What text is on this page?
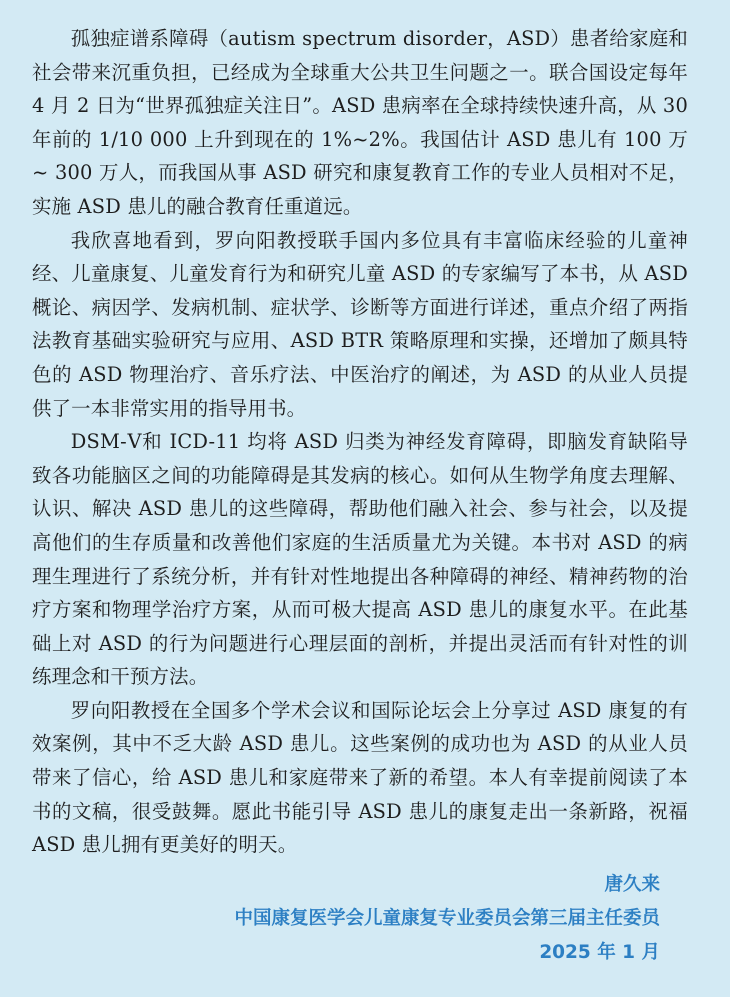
孤独症谱系障碍（autism spectrum disorder，ASD）患者给家庭和社会带来沉重负担，已经成为全球重大公共卫生问题之一。联合国设定每年 4 月 2 日为“世界孤独症关注日”。ASD 患病率在全球持续快速升高，从 30 年前的 1/10 000 上升到现在的 1%~2%。我国估计 ASD 患儿有 100 万 ~ 300 万人，而我国从事 ASD 研究和康复教育工作的专业人员相对不足，实施 ASD 患儿的融合教育任重道远。

我欣喜地看到，罗向阳教授联手国内多位具有丰富临床经验的儿童神经、儿童康复、儿童发育行为和研究儿童 ASD 的专家编写了本书，从 ASD 概论、病因学、发病机制、症状学、诊断等方面进行详述，重点介绍了两指法教育基础实验研究与应用、ASD BTR 策略原理和实操，还增加了颇具特色的 ASD 物理治疗、音乐疗法、中医治疗的阐述，为 ASD 的从业人员提供了一本非常实用的指导用书。

DSM-Ⅴ和 ICD-11 均将 ASD 归类为神经发育障碍，即脑发育缺陷导致各功能脑区之间的功能障碍是其发病的核心。如何从生物学角度去理解、认识、解决 ASD 患儿的这些障碍，帮助他们融入社会、参与社会，以及提高他们的生存质量和改善他们家庭的生活质量尤为关键。本书对 ASD 的病理生理进行了系统分析，并有针对性地提出各种障碍的神经、精神药物的治疗方案和物理学治疗方案，从而可极大提高 ASD 患儿的康复水平。在此基础上对 ASD 的行为问题进行心理层面的剖析，并提出灵活而有针对性的训练理念和干预方法。

罗向阳教授在全国多个学术会议和国际论坛会上分享过 ASD 康复的有效案例，其中不乏大龄 ASD 患儿。这些案例的成功也为 ASD 的从业人员带来了信心，给 ASD 患儿和家庭带来了新的希望。本人有幸提前阅读了本书的文稿，很受鼓舞。愿此书能引导 ASD 患儿的康复走出一条新路，祝福 ASD 患儿拥有更美好的明天。

唐久来
中国康复医学会儿童康复专业委员会第三届主任委员
2025 年 1 月
